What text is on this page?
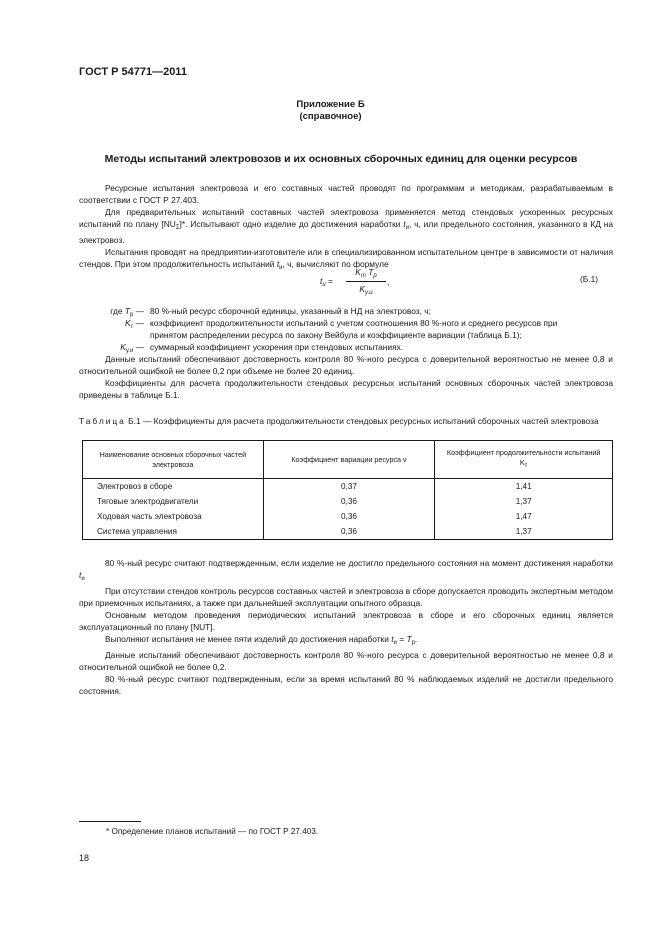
ГОСТ Р 54771—2011
Приложение Б
(справочное)
Методы испытаний электровозов и их основных сборочных единиц для оценки ресурсов

Ресурсные испытания электровоза и его составных частей проводят по программам и методикам, разрабатываемым в соответствии с ГОСТ Р 27.403.

Для предварительных испытаний составных частей электровоза применяется метод стендовых ускоренных ресурсных испытаний по плану $[NU_\Sigma]*$. Испытывают одно изделие до достижения наработки $t_и$, ч, или предельного состояния, указанного в КД на электровоз.

Испытания проводят на предприятии-изготовителе или в специализированном испытательном центре в зависимости от наличия стендов. При этом продолжительность испытаний $t_и$, ч, вычисляют по формуле

$t_и$ =
$K_т$ $T_р$
$K_{у.и}$
,	(Б.1)
где $T_р$ — 80 %-ный ресурс сборочной единицы, указанный в НД на электровоз, ч;
$K_т$ — коэффициент продолжительности испытаний с учетом соотношения 80 %-ного и среднего ресурсов при
принятом распределении ресурса по закону Вейбула и коэффициенте вариации (таблица Б.1);
$K_{у.и}$ — суммарный коэффициент ускорения при стендовых испытаниях.

Данные испытаний обеспечивают достоверность контроля 80 %-ного ресурса с доверительной вероятностью не менее 0,8 и относительной ошибкой не более 0,2 при объеме не более 20 единиц.

Коэффициенты для расчета продолжительности стендовых ресурсных испытаний основных сборочных частей электровоза приведены в таблице Б.1.

Таблица Б.1 — Коэффициенты для расчета продолжительности стендовых ресурсных испытаний сборочных частей электровоза
Наименование основных сборочных частей электровоза	Коэффициент вариации ресурса ν	Коэффициент продолжительности испытаний $K_т$
Электровоз в сборе	0,37	1,41
Тяговые электродвигатели	0,36	1,37
Ходовая часть электровоза	0,36	1,47
Система управления	0,36	1,37

80 %-ный ресурс считают подтвержденным, если изделие не достигло предельного состояния на момент достижения наработки $t_и$

При отсутствии стендов контроль ресурсов составных частей и электровоза в сборе допускается проводить экспертным методом при приемочных испытаниях, а также при дальнейшей эксплуатации опытного образца.

Основным методом проведения периодических испытаний электровоза в сборе и его сборочных единиц является эксплуатационный по плану [NUT].

Выполняют испытания не менее пяти изделий до достижения наработки $t_и = T_р$.

Данные испытаний обеспечивают достоверность контроля 80 %-ного ресурса с доверительной вероятностью не менее 0,8 и относительной ошибкой не более 0,2.

80 %-ный ресурс считают подтвержденным, если за время испытаний 80 % наблюдаемых изделий не достигли предельного состояния.

* Определение планов испытаний — по ГОСТ Р 27.403.
18
